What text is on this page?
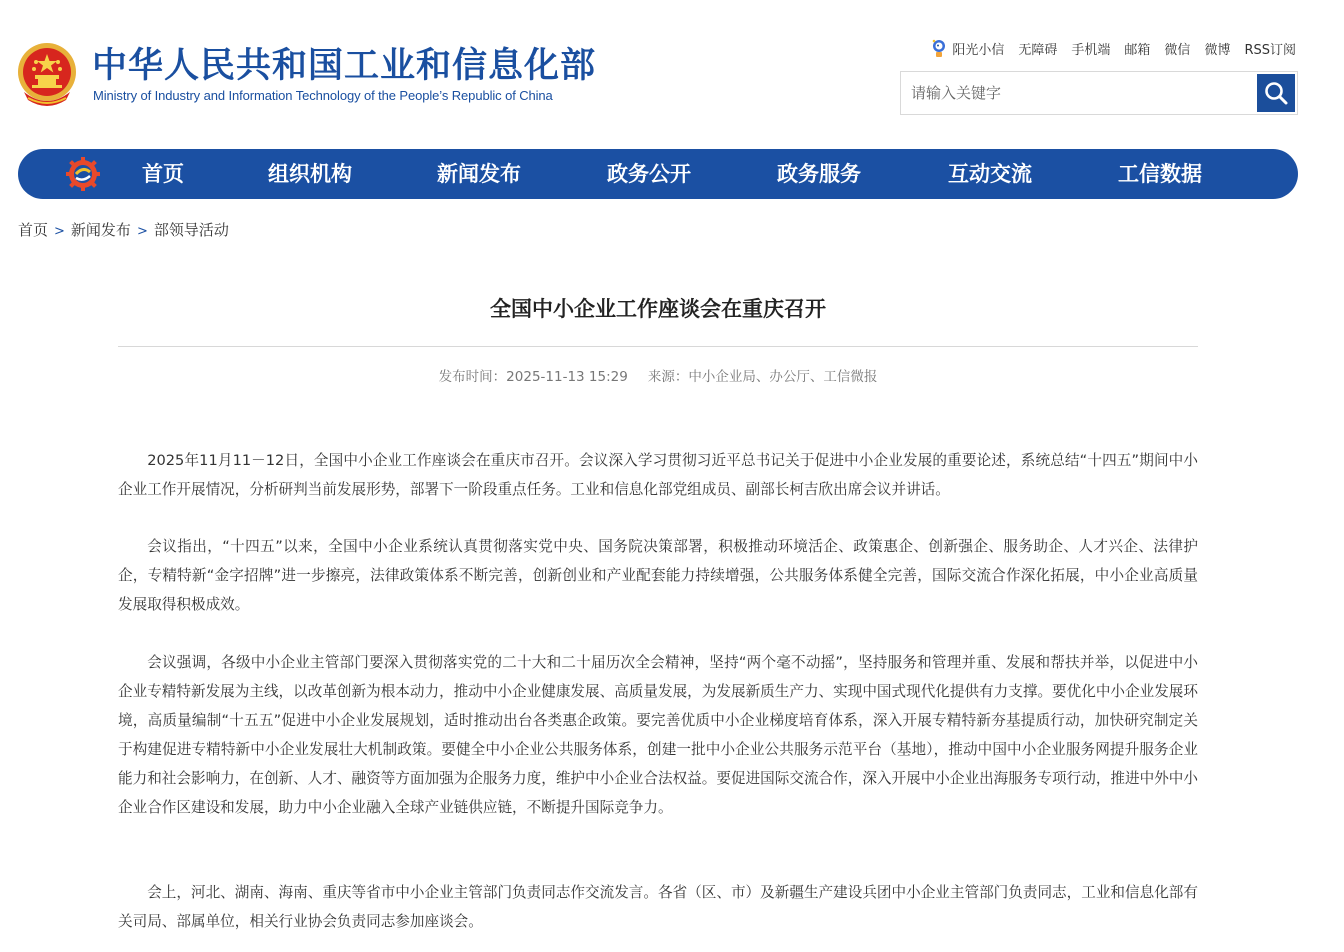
中华人民共和国工业和信息化部
Ministry of Industry and Information Technology of the People’s Republic of China
阳光小信 无障碍 手机端 邮箱 微信 微博 RSS订阅
请输入关键字
首页	组织机构	新闻发布	政务公开	政务服务	互动交流	工信数据
首页 > 新闻发布 > 部领导活动
全国中小企业工作座谈会在重庆召开
发布时间：2025-11-13 15:29 来源：中小企业局、办公厅、工信微报

2025年11月11－12日，全国中小企业工作座谈会在重庆市召开。会议深入学习贯彻习近平总书记关于促进中小企业发展的重要论述，系统总结“十四五”期间中小企业工作开展情况，分析研判当前发展形势，部署下一阶段重点任务。工业和信息化部党组成员、副部长柯吉欣出席会议并讲话。

会议指出，“十四五”以来，全国中小企业系统认真贯彻落实党中央、国务院决策部署，积极推动环境活企、政策惠企、创新强企、服务助企、人才兴企、法律护企，专精特新“金字招牌”进一步擦亮，法律政策体系不断完善，创新创业和产业配套能力持续增强，公共服务体系健全完善，国际交流合作深化拓展，中小企业高质量发展取得积极成效。

会议强调，各级中小企业主管部门要深入贯彻落实党的二十大和二十届历次全会精神，坚持“两个毫不动摇”，坚持服务和管理并重、发展和帮扶并举，以促进中小企业专精特新发展为主线，以改革创新为根本动力，推动中小企业健康发展、高质量发展，为发展新质生产力、实现中国式现代化提供有力支撑。要优化中小企业发展环境，高质量编制“十五五”促进中小企业发展规划，适时推动出台各类惠企政策。要完善优质中小企业梯度培育体系，深入开展专精特新夯基提质行动，加快研究制定关于构建促进专精特新中小企业发展壮大机制政策。要健全中小企业公共服务体系，创建一批中小企业公共服务示范平台（基地），推动中国中小企业服务网提升服务企业能力和社会影响力，在创新、人才、融资等方面加强为企服务力度，维护中小企业合法权益。要促进国际交流合作，深入开展中小企业出海服务专项行动，推进中外中小企业合作区建设和发展，助力中小企业融入全球产业链供应链，不断提升国际竞争力。

会上，河北、湖南、海南、重庆等省市中小企业主管部门负责同志作交流发言。各省（区、市）及新疆生产建设兵团中小企业主管部门负责同志，工业和信息化部有关司局、部属单位，相关行业协会负责同志参加座谈会。
